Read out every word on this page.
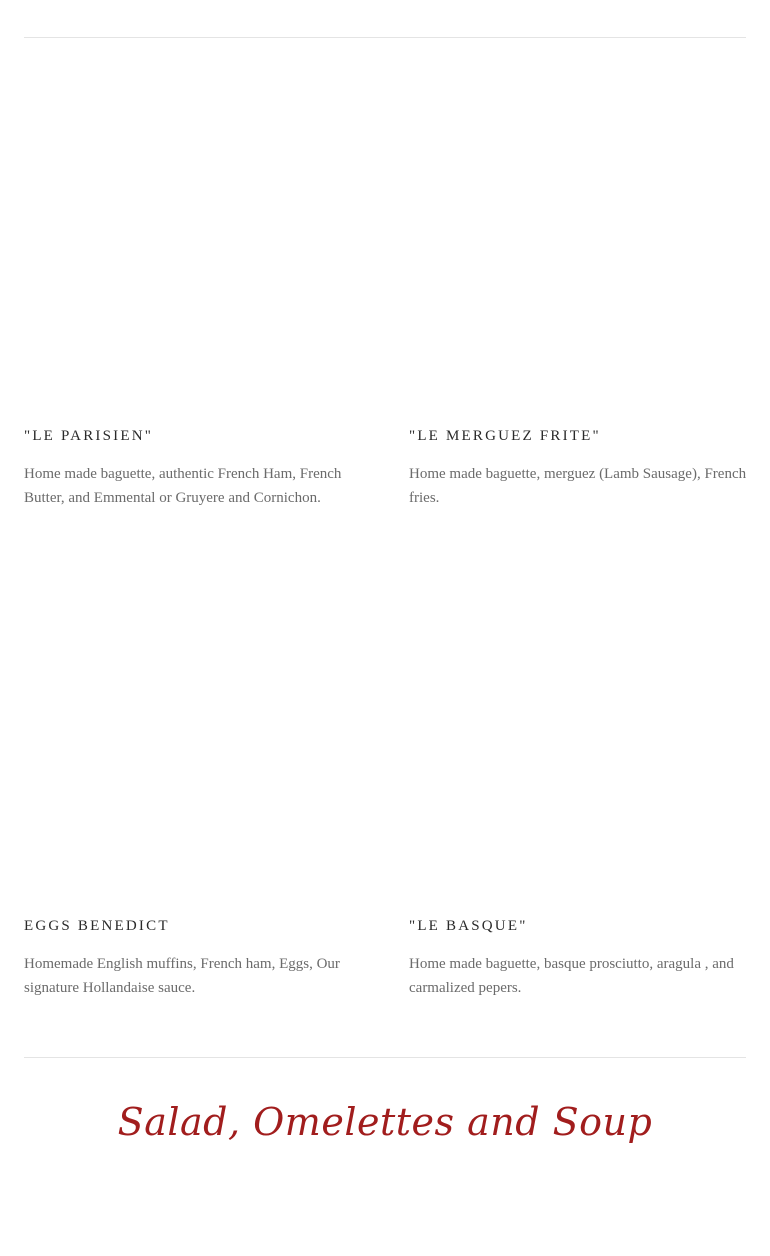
"LE PARISIEN"

Home made baguette, authentic French Ham, French Butter, and Emmental or Gruyere and Cornichon.

"LE MERGUEZ FRITE"

Home made baguette, merguez (Lamb Sausage), French fries.

EGGS BENEDICT

Homemade English muffins, French ham, Eggs, Our signature Hollandaise sauce.

"LE BASQUE"

Home made baguette, basque prosciutto, aragula , and carmalized pepers.

Salad, Omelettes and Soup
